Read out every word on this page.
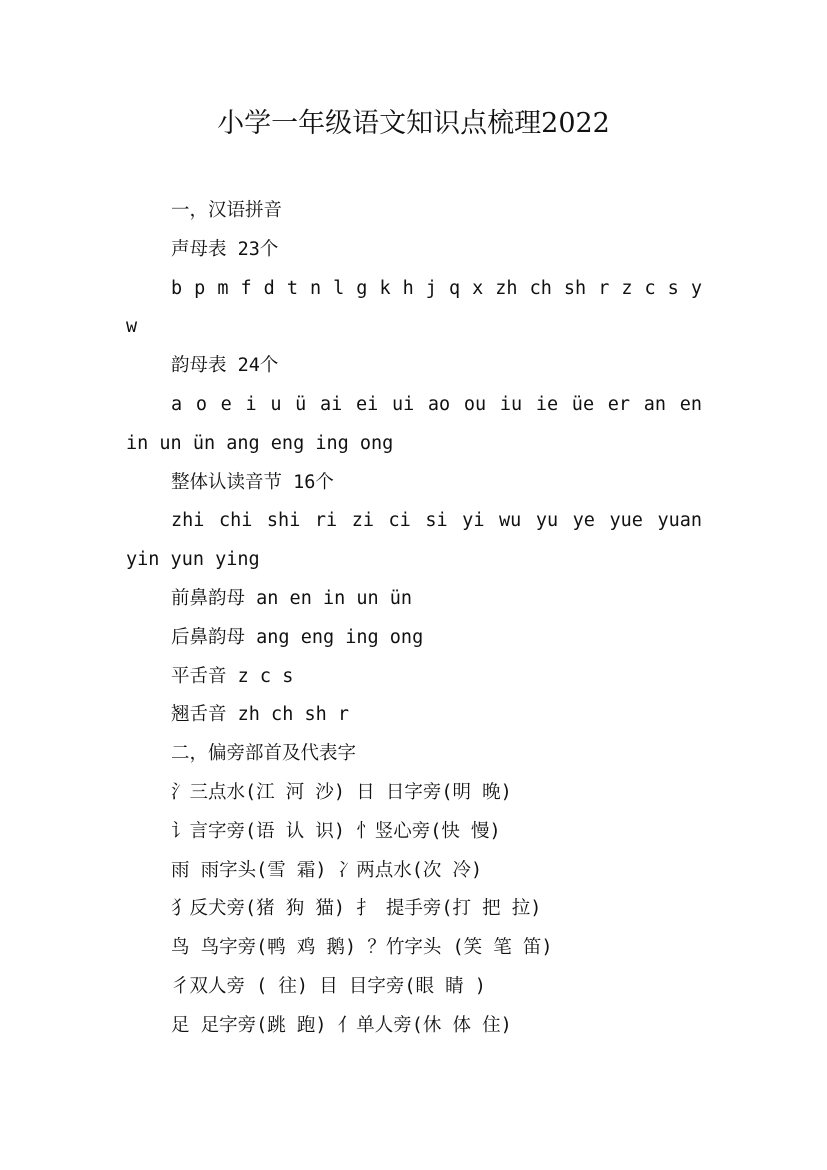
小学一年级语文知识点梳理2022
一，汉语拼音
声母表 23个
b p m f d t n l g k h j q x zh ch sh r z c s y
w
韵母表 24个
a o e i u ü ai ei ui ao ou iu ie üe er an en
in un ün ang eng ing ong
整体认读音节 16个
zhi chi shi ri zi ci si yi wu yu ye yue yuan
yin yun ying
前鼻韵母 an en in un ün
后鼻韵母 ang eng ing ong
平舌音 z c s
翘舌音 zh ch sh r
二，偏旁部首及代表字
氵三点水(江 河 沙) 日 日字旁(明 晚)
讠言字旁(语 认 识) 忄竖心旁(快 慢)
雨 雨字头(雪 霜) 冫两点水(次 冷)
犭反犬旁(猪 狗 猫) 扌 提手旁(打 把 拉)
鸟 鸟字旁(鸭 鸡 鹅) ？竹字头 (笑 笔 笛)
彳双人旁 ( 往) 目 目字旁(眼 睛 )
足 足字旁(跳 跑) 亻单人旁(休 体 住)
